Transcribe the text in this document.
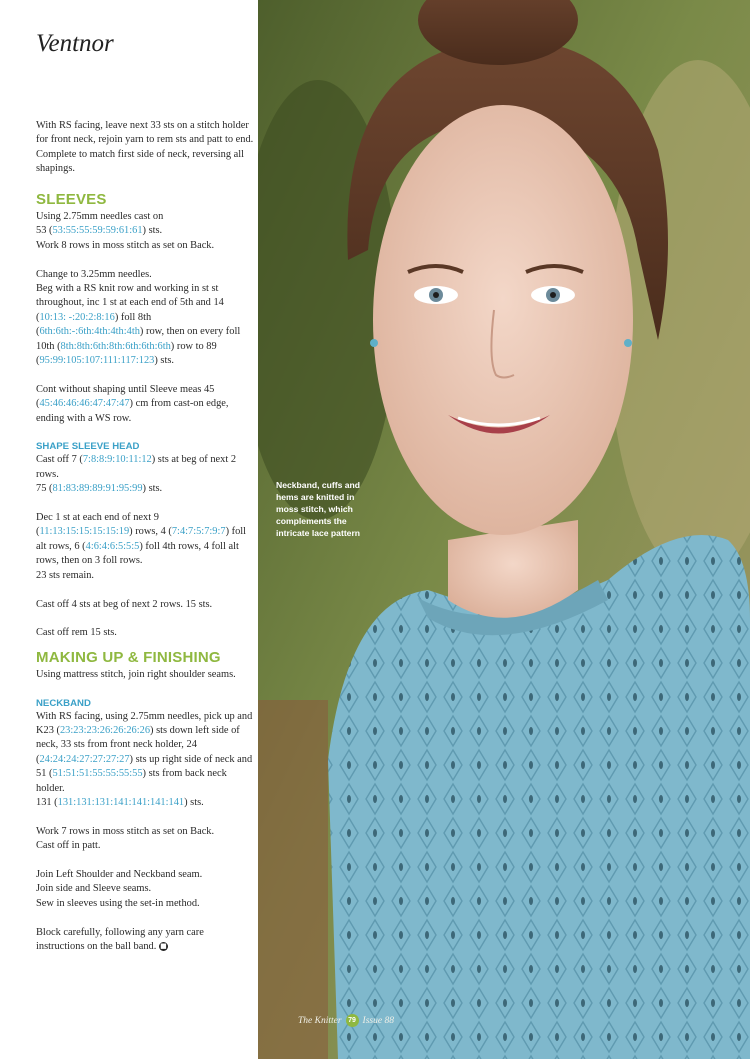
Ventnor

With RS facing, leave next 33 sts on a stitch holder for front neck, rejoin yarn to rem sts and patt to end.

Complete to match first side of neck, reversing all shapings.

SLEEVES

Using 2.75mm needles cast on
53 (53:55:55:59:59:61:61) sts.

Work 8 rows in moss stitch as set on Back.

Change to 3.25mm needles.

Beg with a RS knit row and working in st st throughout, inc 1 st at each end of 5th and 14 (10:13: -:20:2:8:16) foll 8th (6th:6th:-:6th:4th:4th:4th) row, then on every foll 10th (8th:8th:6th:8th:6th:6th:6th) row to 89 (95:99:105:107:111:117:123) sts.

Cont without shaping until Sleeve meas 45 (45:46:46:46:47:47:47) cm from cast-on edge, ending with a WS row.

SHAPE SLEEVE HEAD

Cast off 7 (7:8:8:9:10:11:12) sts at beg of next 2 rows.

75 (81:83:89:89:91:95:99) sts.

Dec 1 st at each end of next 9 (11:13:15:15:15:15:19) rows, 4 (7:4:7:5:7:9:7) foll alt rows, 6 (4:6:4:6:5:5:5) foll 4th rows, 4 foll alt rows, then on 3 foll rows.

23 sts remain.

Cast off 4 sts at beg of next 2 rows. 15 sts.

Cast off rem 15 sts.

MAKING UP & FINISHING

Using mattress stitch, join right shoulder seams.

NECKBAND

With RS facing, using 2.75mm needles, pick up and K23 (23:23:23:26:26:26:26) sts down left side of neck, 33 sts from front neck holder, 24 (24:24:24:27:27:27:27) sts up right side of neck and 51 (51:51:51:55:55:55:55) sts from back neck holder.

131 (131:131:131:141:141:141:141) sts.

Work 7 rows in moss stitch as set on Back.

Cast off in patt.

Join Left Shoulder and Neckband seam.

Join side and Sleeve seams.

Sew in sleeves using the set-in method.

Block carefully, following any yarn care instructions on the ball band. ■

Neckband, cuffs and hems are knitted in moss stitch, which complements the intricate lace pattern
The Knitter 79 Issue 88
